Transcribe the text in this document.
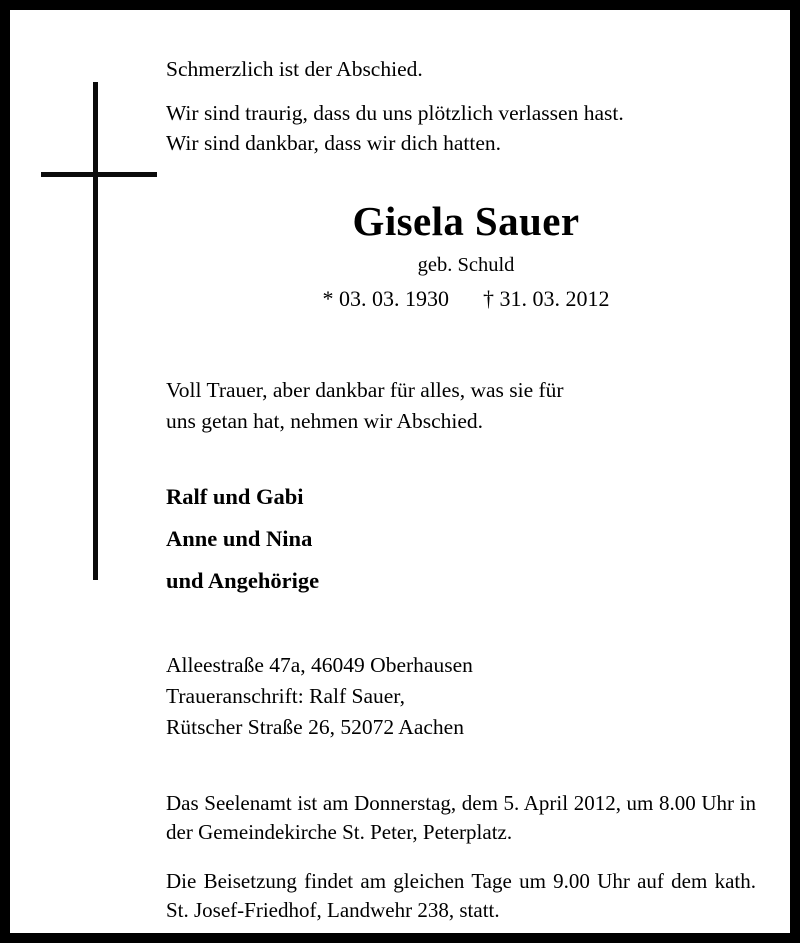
Schmerzlich ist der Abschied.
Wir sind traurig, dass du uns plötzlich verlassen hast.
Wir sind dankbar, dass wir dich hatten.
Gisela Sauer
geb. Schuld
* 03. 03. 1930 † 31. 03. 2012
Voll Trauer, aber dankbar für alles, was sie für
uns getan hat, nehmen wir Abschied.
Ralf und Gabi
Anne und Nina
und Angehörige
Alleestraße 47a, 46049 Oberhausen
Traueranschrift: Ralf Sauer,
Rütscher Straße 26, 52072 Aachen

Das Seelenamt ist am Donnerstag, dem 5. April 2012, um 8.00 Uhr in der Gemeindekirche St. Peter, Peterplatz.

Die Beisetzung findet am gleichen Tage um 9.00 Uhr auf dem kath. St. Josef-Friedhof, Landwehr 238, statt.
